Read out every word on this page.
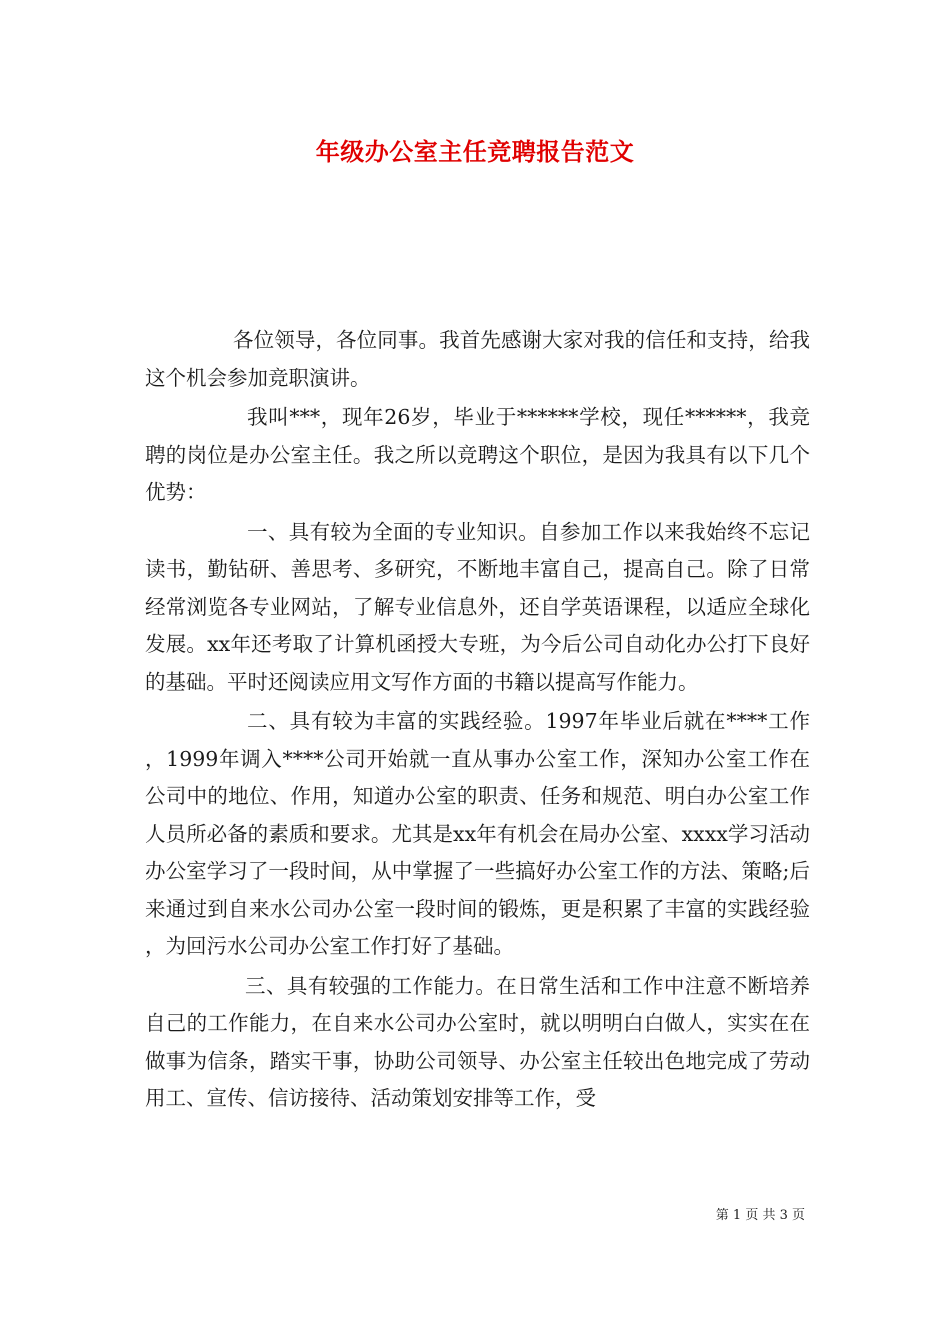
年级办公室主任竞聘报告范文

各位领导，各位同事。我首先感谢大家对我的信任和支持，给我这个机会参加竞职演讲。

我叫***，现年26岁，毕业于******学校，现任******，我竞聘的岗位是办公室主任。我之所以竞聘这个职位，是因为我具有以下几个优势：

一、具有较为全面的专业知识。自参加工作以来我始终不忘记读书，勤钻研、善思考、多研究，不断地丰富自己，提高自己。除了日常经常浏览各专业网站，了解专业信息外，还自学英语课程，以适应全球化发展。xx年还考取了计算机函授大专班，为今后公司自动化办公打下良好的基础。平时还阅读应用文写作方面的书籍以提高写作能力。

二、具有较为丰富的实践经验。1997年毕业后就在****工作，1999年调入****公司开始就一直从事办公室工作，深知办公室工作在公司中的地位、作用，知道办公室的职责、任务和规范、明白办公室工作人员所必备的素质和要求。尤其是xx年有机会在局办公室、xxxx学习活动办公室学习了一段时间，从中掌握了一些搞好办公室工作的方法、策略;后来通过到自来水公司办公室一段时间的锻炼，更是积累了丰富的实践经验，为回污水公司办公室工作打好了基础。

三、具有较强的工作能力。在日常生活和工作中注意不断培养自己的工作能力，在自来水公司办公室时，就以明明白白做人，实实在在做事为信条，踏实干事，协助公司领导、办公室主任较出色地完成了劳动用工、宣传、信访接待、活动策划安排等工作，受

第 1 页 共 3 页
